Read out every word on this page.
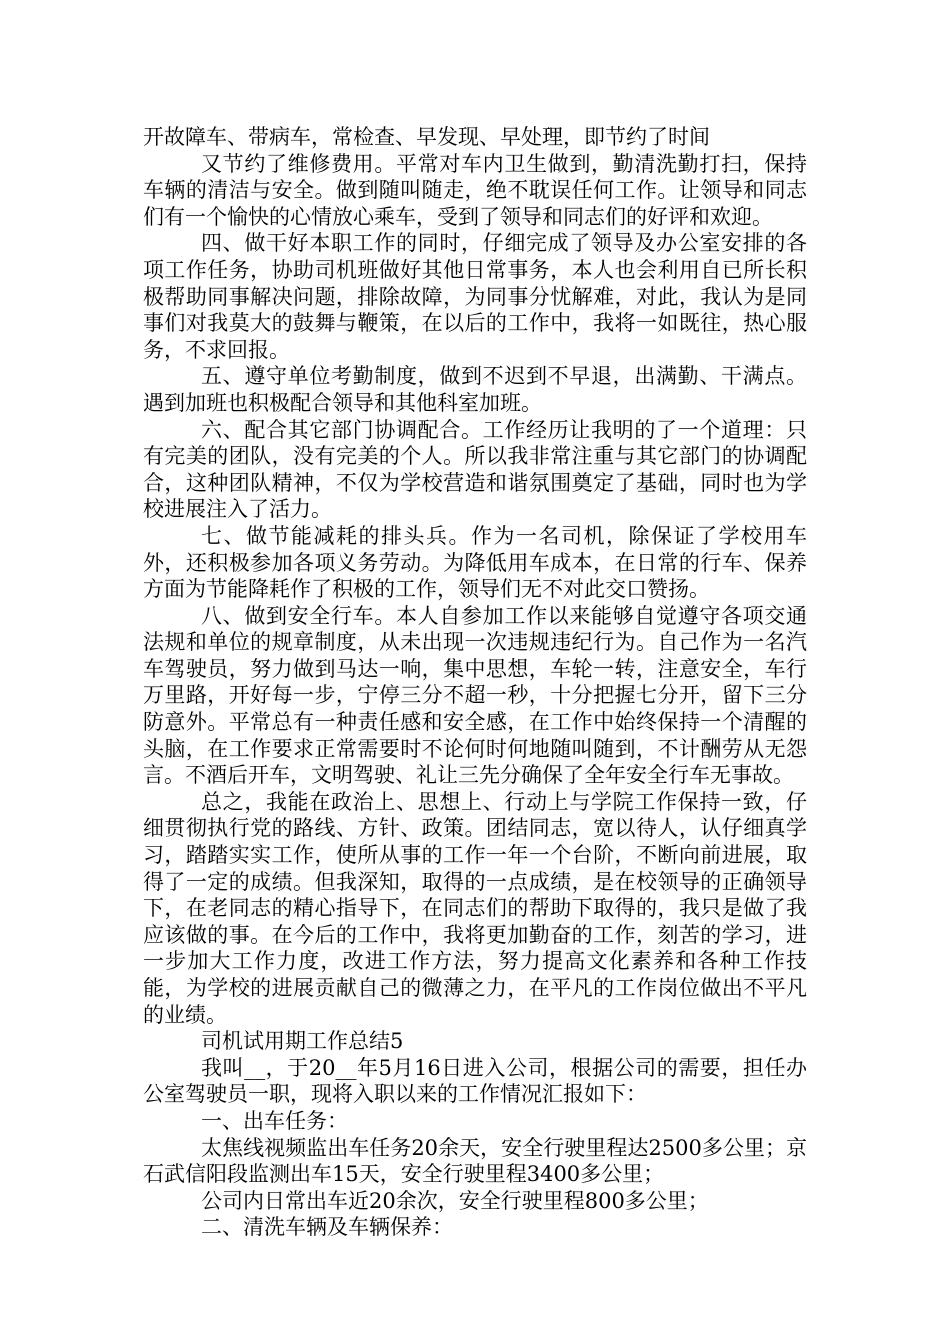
开故障车、带病车，常检查、早发现、早处理，即节约了时间

又节约了维修费用。平常对车内卫生做到，勤清洗勤打扫，保持车辆的清洁与安全。做到随叫随走，绝不耽误任何工作。让领导和同志们有一个愉快的心情放心乘车，受到了领导和同志们的好评和欢迎。

四、做干好本职工作的同时，仔细完成了领导及办公室安排的各项工作任务，协助司机班做好其他日常事务，本人也会利用自已所长积极帮助同事解决问题，排除故障，为同事分忧解难，对此，我认为是同事们对我莫大的鼓舞与鞭策，在以后的工作中，我将一如既往，热心服务，不求回报。

五、遵守单位考勤制度，做到不迟到不早退，出满勤、干满点。遇到加班也积极配合领导和其他科室加班。

六、配合其它部门协调配合。工作经历让我明的了一个道理：只有完美的团队，没有完美的个人。所以我非常注重与其它部门的协调配合，这种团队精神，不仅为学校营造和谐氛围奠定了基础，同时也为学校进展注入了活力。

七、做节能减耗的排头兵。作为一名司机，除保证了学校用车外，还积极参加各项义务劳动。为降低用车成本，在日常的行车、保养方面为节能降耗作了积极的工作，领导们无不对此交口赞扬。

八、做到安全行车。本人自参加工作以来能够自觉遵守各项交通法规和单位的规章制度，从未出现一次违规违纪行为。自己作为一名汽车驾驶员，努力做到马达一响，集中思想，车轮一转，注意安全，车行万里路，开好每一步，宁停三分不超一秒，十分把握七分开，留下三分防意外。平常总有一种责任感和安全感，在工作中始终保持一个清醒的头脑，在工作要求正常需要时不论何时何地随叫随到，不计酬劳从无怨言。不酒后开车，文明驾驶、礼让三先分确保了全年安全行车无事故。

总之，我能在政治上、思想上、行动上与学院工作保持一致，仔细贯彻执行党的路线、方针、政策。团结同志，宽以待人，认仔细真学习，踏踏实实工作，使所从事的工作一年一个台阶，不断向前进展，取得了一定的成绩。但我深知，取得的一点成绩，是在校领导的正确领导下，在老同志的精心指导下，在同志们的帮助下取得的，我只是做了我应该做的事。在今后的工作中，我将更加勤奋的工作，刻苦的学习，进一步加大工作力度，改进工作方法，努力提高文化素养和各种工作技能，为学校的进展贡献自己的微薄之力，在平凡的工作岗位做出不平凡的业绩。

司机试用期工作总结5

我叫__，于20__年5月16日进入公司，根据公司的需要，担任办公室驾驶员一职，现将入职以来的工作情况汇报如下：

一、出车任务：

太焦线视频监出车任务20余天，安全行驶里程达2500多公里；京石武信阳段监测出车15天，安全行驶里程3400多公里；

公司内日常出车近20余次，安全行驶里程800多公里；

二、清洗车辆及车辆保养：
